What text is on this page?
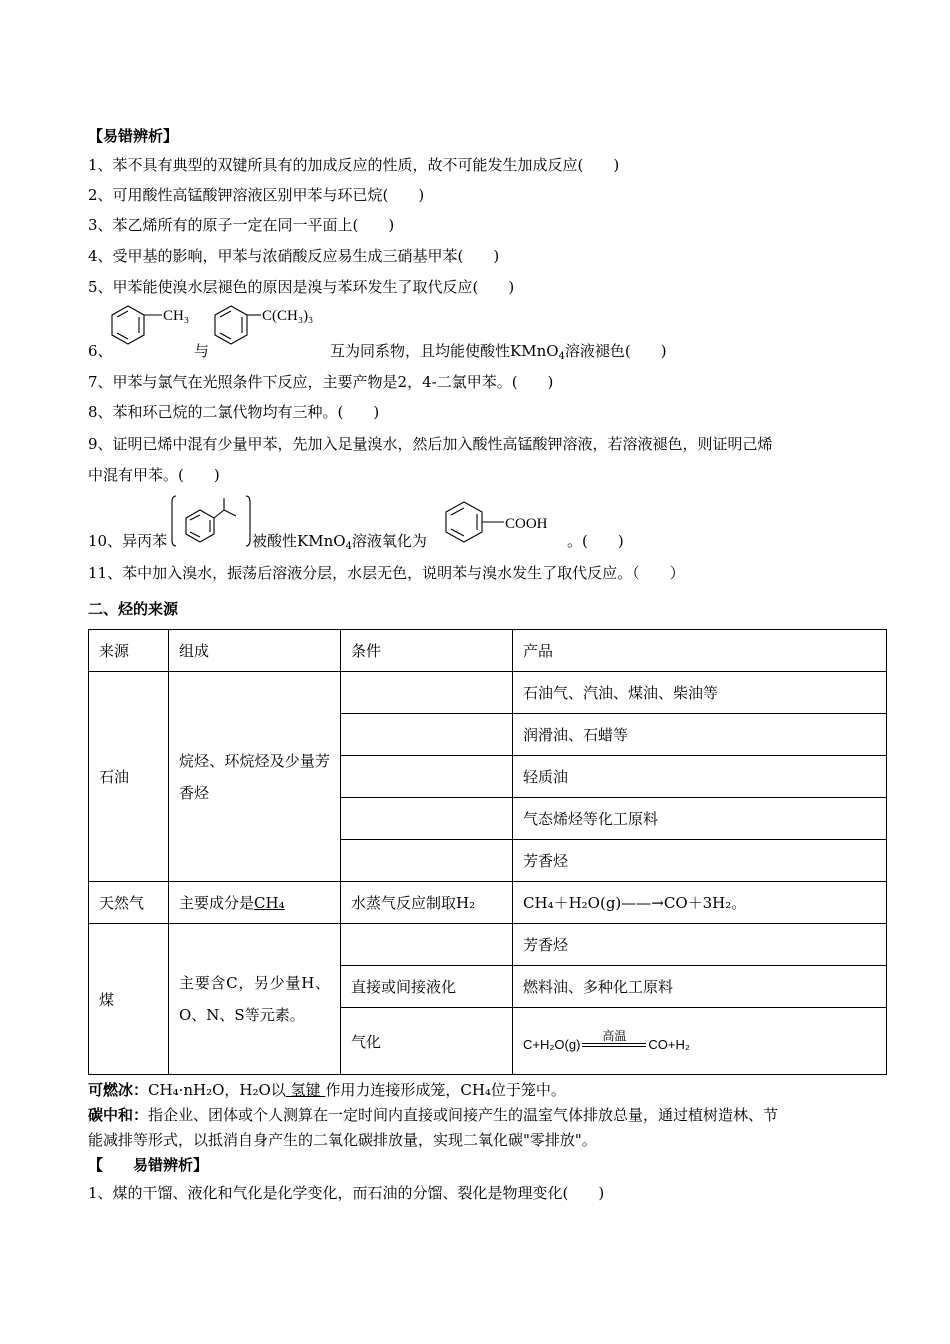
【易错辨析】
1、苯不具有典型的双键所具有的加成反应的性质，故不可能发生加成反应(　　)
2、可用酸性高锰酸钾溶液区别甲苯与环已烷(　　)
3、苯乙烯所有的原子一定在同一平面上(　　)
4、受甲基的影响，甲苯与浓硝酸反应易生成三硝基甲苯(　　)
5、甲苯能使溴水层褪色的原因是溴与苯环发生了取代反应(　　)
CH₃	C(CH₃)₃
6、	与	互为同系物，且均能使酸性KMnO$_4$溶液褪色(　　)
7、甲苯与氯气在光照条件下反应，主要产物是2，4-二氯甲苯。(　　)
8、苯和环己烷的二氯代物均有三种。(　　)
9、证明已烯中混有少量甲苯，先加入足量溴水，然后加入酸性高锰酸钾溶液，若溶液褪色，则证明己烯
中混有甲苯。(　　)
COOH
10、异丙苯	被酸性KMnO$_4$溶液氧化为	。(　　)
11、苯中加入溴水，振荡后溶液分层，水层无色，说明苯与溴水发生了取代反应。（　　）
二、烃的来源
来源	组成	条件	产品
石油	烷烃、环烷烃及少量芳香烃		石油气、汽油、煤油、柴油等
			润滑油、石蜡等
			轻质油
			气态烯烃等化工原料
			芳香烃
天然气	主要成分是CH₄	水蒸气反应制取H₂	CH₄＋H₂O(g)——→CO＋3H₂。
煤	主要含C，另少量H、O、N、S等元素。		芳香烃
		直接或间接液化	燃料油、多种化工原料
		气化	C+H₂O(g)
高温
CO+H₂
可燃冰：CH₄·nH₂O，H₂O以 氢键 作用力连接形成笼，CH₄位于笼中。
碳中和：指企业、团体或个人测算在一定时间内直接或间接产生的温室气体排放总量，通过植树造林、节
能减排等形式，以抵消自身产生的二氧化碳排放量，实现二氧化碳"零排放"。
【　　易错辨析】
1、煤的干馏、液化和气化是化学变化，而石油的分馏、裂化是物理变化(　　)
